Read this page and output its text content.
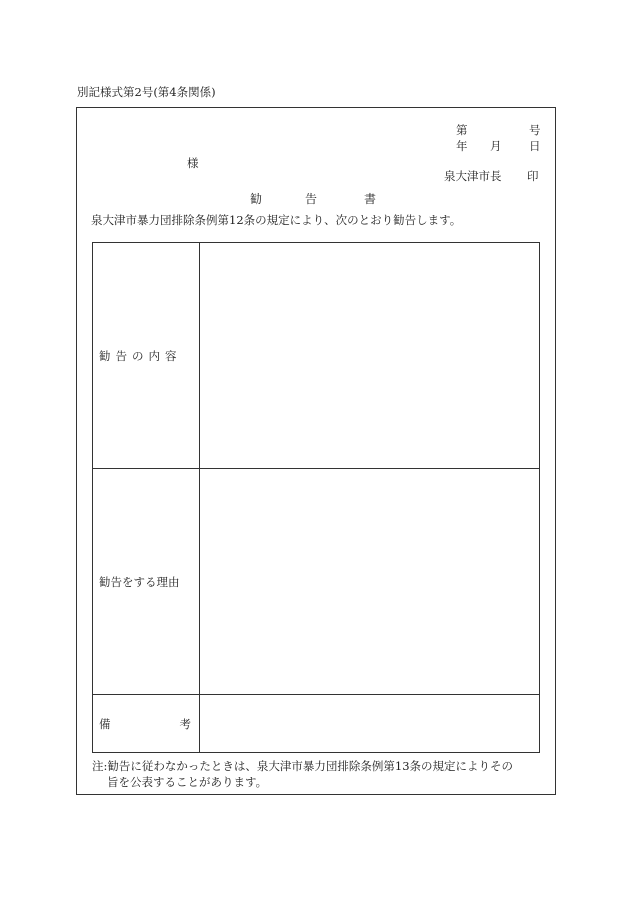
別記様式第2号(第4条関係)
第	号
年 月 日
様
泉大津市長 印
勧	告	書
泉大津市暴力団排除条例第12条の規定により、次のとおり勧告します。
勧告の内容	
勧告をする理由	

備 考	

注:勧告に従わなかったときは、泉大津市暴力団排除条例第13条の規定によりその
旨を公表することがあります。
